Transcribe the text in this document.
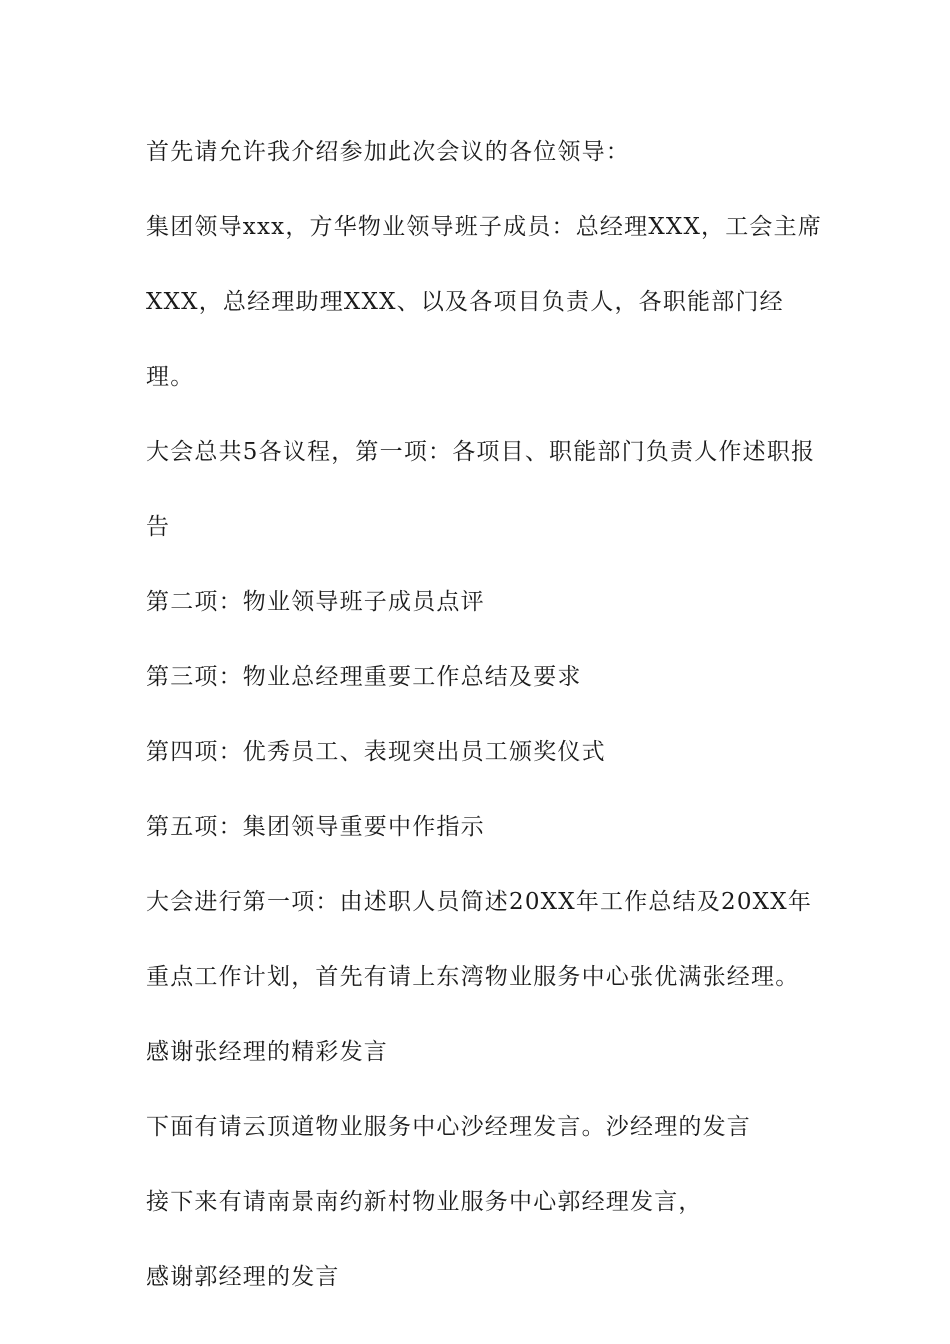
首先请允许我介绍参加此次会议的各位领导：

集团领导xxx，方华物业领导班子成员：总经理XXX，工会主席XXX，总经理助理XXX、以及各项目负责人，各职能部门经理。

大会总共5各议程，第一项：各项目、职能部门负责人作述职报告

第二项：物业领导班子成员点评

第三项：物业总经理重要工作总结及要求

第四项：优秀员工、表现突出员工颁奖仪式

第五项：集团领导重要中作指示

大会进行第一项：由述职人员简述20XX年工作总结及20XX年重点工作计划，首先有请上东湾物业服务中心张优满张经理。

感谢张经理的精彩发言

下面有请云顶道物业服务中心沙经理发言。沙经理的发言

接下来有请南景南约新村物业服务中心郭经理发言，

感谢郭经理的发言
